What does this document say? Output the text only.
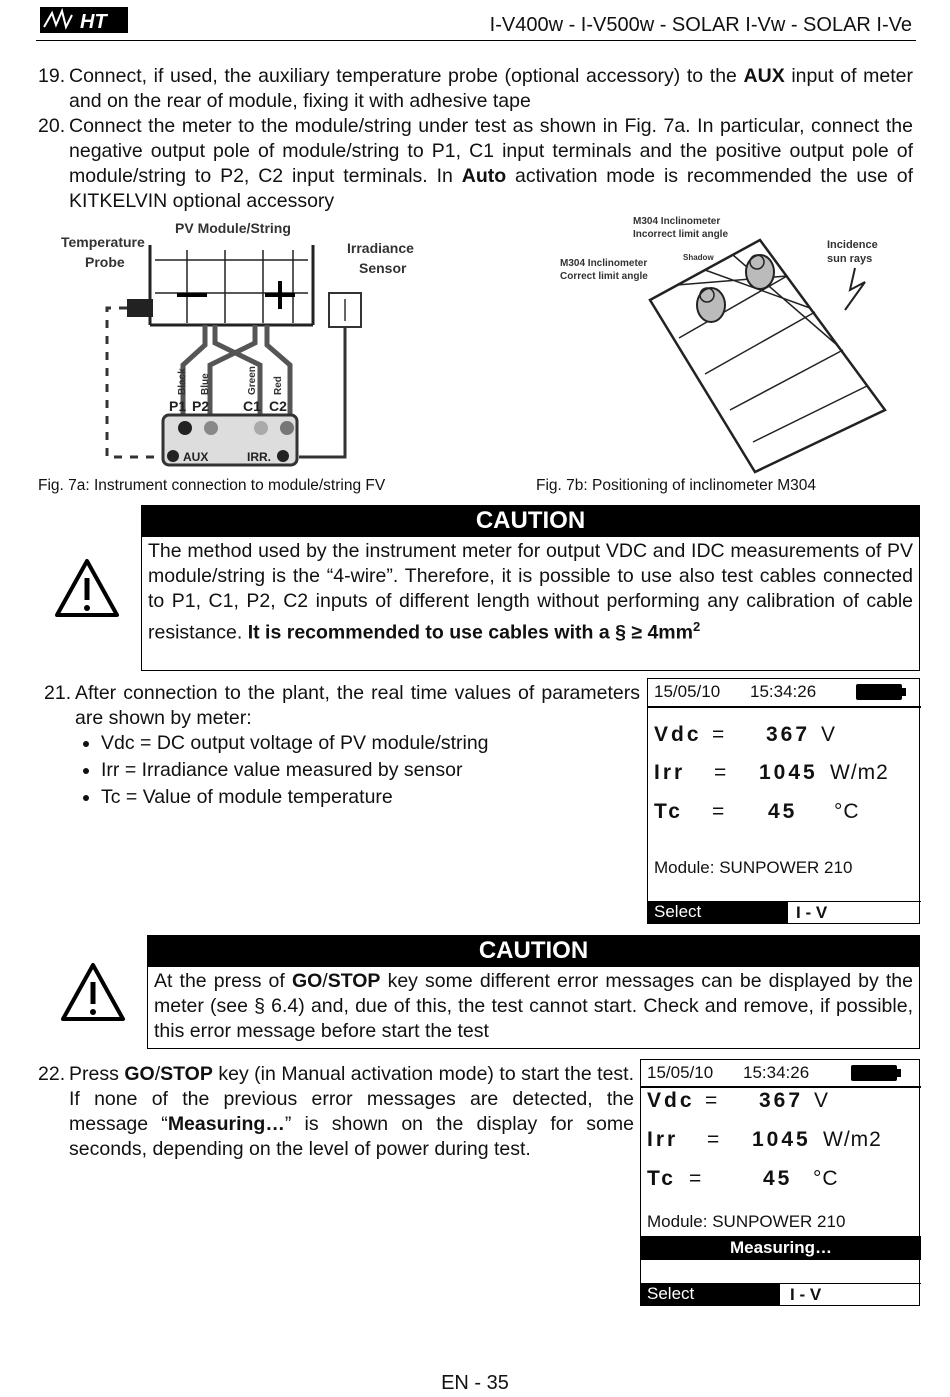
HT	I-V400w - I-V500w - SOLAR I-Vw - SOLAR I-Ve
19. Connect, if used, the auxiliary temperature probe (optional accessory) to the AUX input of meter and on the rear of module, fixing it with adhesive tape
20. Connect the meter to the module/string under test as shown in Fig. 7a. In particular, connect the negative output pole of module/string to P1, C1 input terminals and the positive output pole of module/string to P2, C2 input terminals. In Auto activation mode is recommended the use of KITKELVIN optional accessory
Temperature
Probe
PV Module/String
Irradiance
Sensor
Black Blue	Green Red
P1 P2 C1 C2
AUX	IRR.
Fig. 7a: Instrument connection to module/string FV
M304 Inclinometer
Incorrect limit angle
M304 Inclinometer
Correct limit angle
Shadow
Incidence
sun rays
Fig. 7b: Positioning of inclinometer M304
CAUTION
The method used by the instrument meter for output VDC and IDC measurements of PV module/string is the “4-wire”. Therefore, it is possible to use also test cables connected to P1, C1, P2, C2 inputs of different length without performing any calibration of cable resistance. It is recommended to use cables with a § ≥ $4mm^2$
21. After connection to the plant, the real time values of parameters are shown by meter:
• Vdc = DC output voltage of PV module/string
• Irr = Irradiance value measured by sensor
• Tc = Value of module temperature
15/05/10 15:34:26
Vdc = 367 V
Irr = 1045 W/m2
Tc = 45 °C
Module: SUNPOWER 210
Select	I - V
CAUTION
At the press of GO/STOP key some different error messages can be displayed by the meter (see § 6.4) and, due of this, the test cannot start. Check and remove, if possible, this error message before start the test
22. Press GO/STOP key (in Manual activation mode) to start the test. If none of the previous error messages are detected, the message “Measuring…” is shown on the display for some seconds, depending on the level of power during test.
15/05/10 15:34:26
Vdc = 367 V
Irr = 1045 W/m2
Tc =	45 °C
Module: SUNPOWER 210
Measuring…
Select	I - V
EN - 35
